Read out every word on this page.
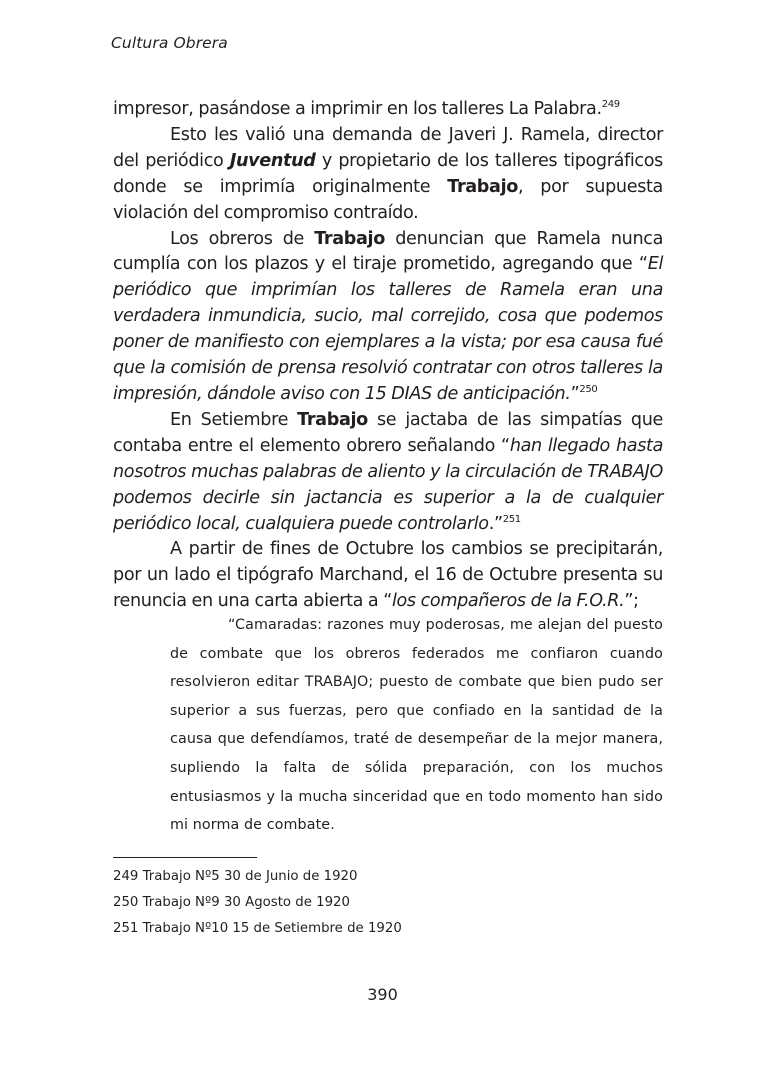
Cultura Obrera

impresor, pasándose a imprimir en los talleres La Palabra.$^{249}$

Esto les valió una demanda de Javeri J. Ramela, director del periódico Juventud y propietario de los talleres tipográficos donde se imprimía originalmente Trabajo, por supuesta violación del compromiso contraído.

Los obreros de Trabajo denuncian que Ramela nunca cumplía con los plazos y el tiraje prometido, agregando que “El periódico que imprimían los talleres de Ramela eran una verdadera inmundicia, sucio, mal correjido, cosa que podemos poner de manifiesto con ejemplares a la vista; por esa causa fué que la comisión de prensa resolvió contratar con otros talleres la impresión, dándole aviso con 15 DIAS de anticipación.”$^{250}$

En Setiembre Trabajo se jactaba de las simpatías que contaba entre el elemento obrero señalando “han llegado hasta nosotros muchas palabras de aliento y la circulación de TRABAJO podemos decirle sin jactancia es superior a la de cualquier periódico local, cualquiera puede controlarlo.”$^{251}$

A partir de fines de Octubre los cambios se precipitarán, por un lado el tipógrafo Marchand, el 16 de Octubre presenta su renuncia en una carta abierta a “los compañeros de la F.O.R.”;

“Camaradas: razones muy poderosas, me alejan del puesto de combate que los obreros federados me confiaron cuando resolvieron editar TRABAJO; puesto de combate que bien pudo ser superior a sus fuerzas, pero que confiado en la santidad de la causa que defendíamos, traté de desempeñar de la mejor manera, supliendo la falta de sólida preparación, con los muchos entusiasmos y la mucha sinceridad que en todo momento han sido mi norma de combate.

249 Trabajo Nº5 30 de Junio de 1920
250 Trabajo Nº9 30 Agosto de 1920
251 Trabajo Nº10 15 de Setiembre de 1920
390
